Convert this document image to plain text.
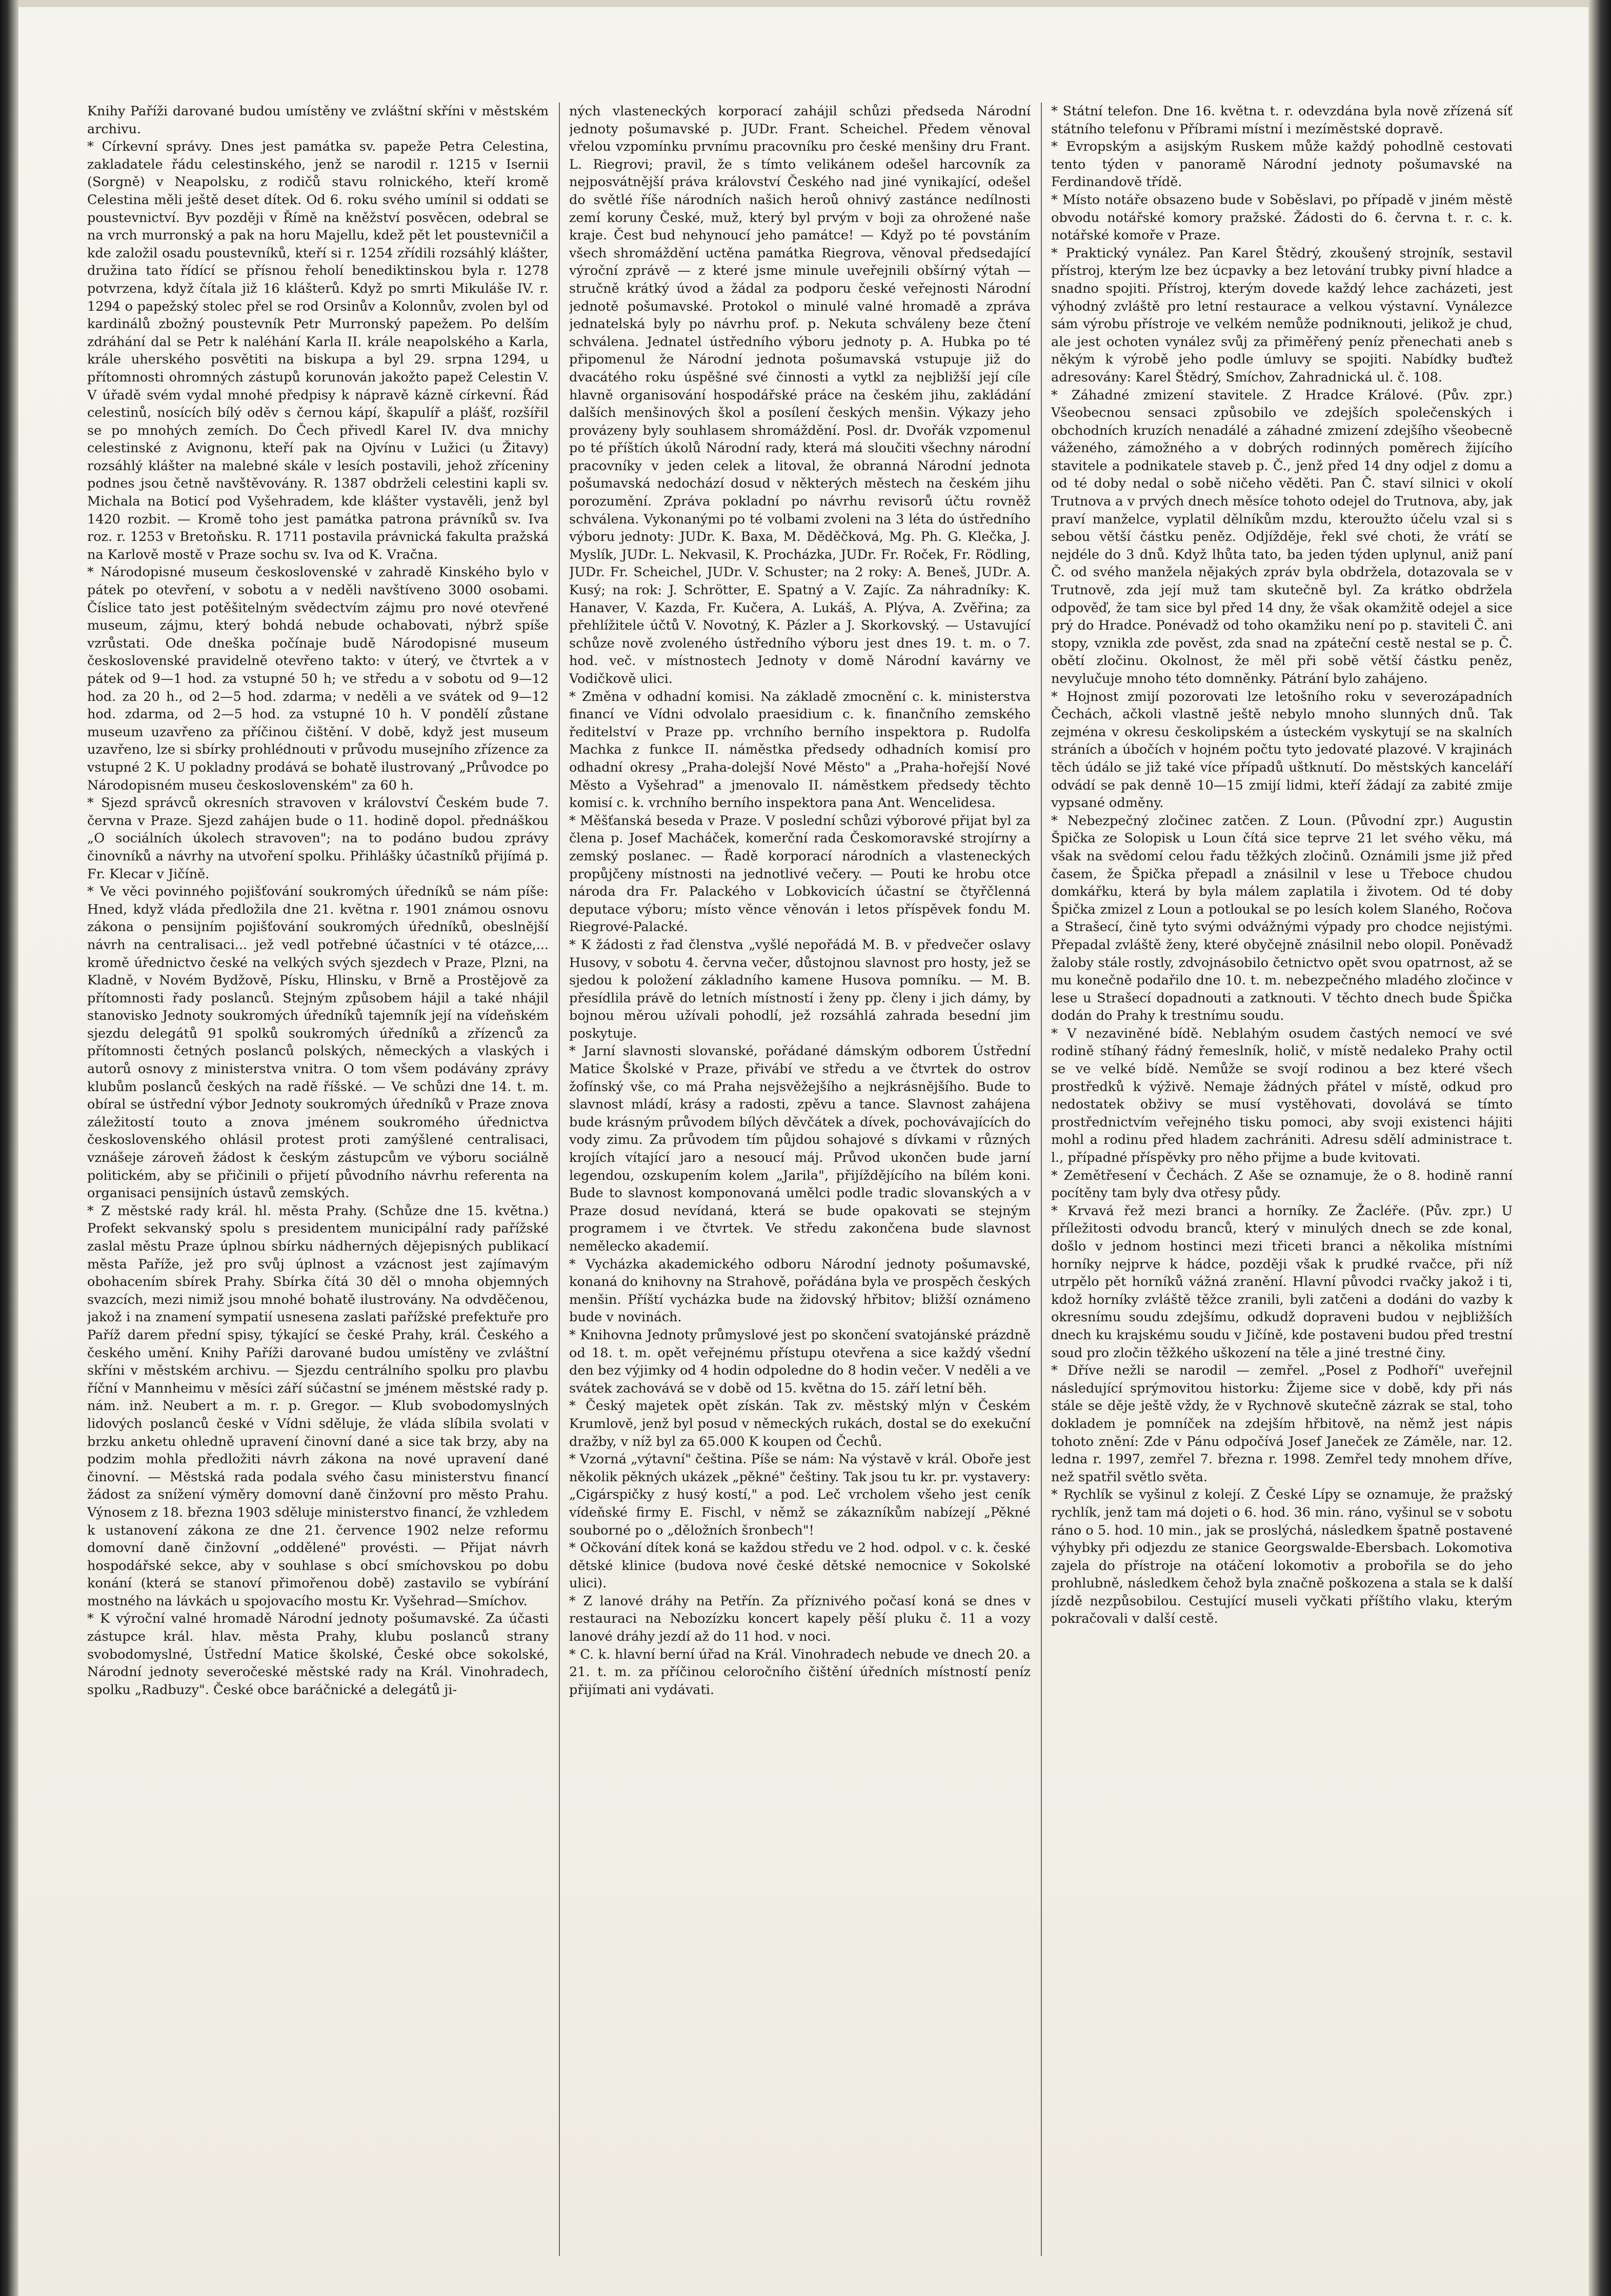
Knihy Paříži darované budou umístěny ve zvláštní skříni v městském archivu.

* Církevní správy. Dnes jest památka sv. papeže Petra Celestina, zakladatele řádu celestinského, jenž se narodil r. 1215 v Isernii (Sorgně) v Neapolsku, z rodičů stavu rolnického, kteří kromě Celestina měli ještě deset dítek. Od 6. roku svého umínil si oddati se poustevnictví. Byv později v Římě na kněžství posvěcen, odebral se na vrch murronský a pak na horu Majellu, kdež pět let poustevničil a kde založil osadu poustevníků, kteří si r. 1254 zřídili rozsáhlý klášter, družina tato řídící se přísnou řeholí benediktinskou byla r. 1278 potvrzena, když čítala již 16 klášterů. Když po smrti Mikuláše IV. r. 1294 o papežský stolec přel se rod Orsinův a Kolonnův, zvolen byl od kardinálů zbožný poustevník Petr Murronský papežem. Po delším zdráhání dal se Petr k naléhání Karla II. krále neapolského a Karla, krále uherského posvětiti na biskupa a byl 29. srpna 1294, u přítomnosti ohromných zástupů korunován jakožto papež Celestin V. V úřadě svém vydal mnohé předpisy k nápravě kázně církevní. Řád celestinů, nosících bílý oděv s černou kápí, škapulíř a plášť, rozšířil se po mnohých zemích. Do Čech přivedl Karel IV. dva mnichy celestinské z Avignonu, kteří pak na Ojvínu v Lužici (u Žitavy) rozsáhlý klášter na malebné skále v lesích postavili, jehož zříceniny podnes jsou četně navštěvovány. R. 1387 obdrželi celestini kapli sv. Michala na Boticí pod Vyšehradem, kde klášter vystavěli, jenž byl 1420 rozbit. — Kromě toho jest památka patrona právníků sv. Iva roz. r. 1253 v Bretoňsku. R. 1711 postavila právnická fakulta pražská na Karlově mostě v Praze sochu sv. Iva od K. Vračna.

* Národopisné museum československé v zahradě Kinského bylo v pátek po otevření, v sobotu a v neděli navštíveno 3000 osobami. Číslice tato jest potěšitelným svědectvím zájmu pro nové otevřené museum, zájmu, který bohdá nebude ochabovati, nýbrž spíše vzrůstati. Ode dneška počínaje budě Národopisné museum československé pravidelně otevřeno takto: v úterý, ve čtvrtek a v pátek od 9—1 hod. za vstupné 50 h; ve středu a v sobotu od 9—12 hod. za 20 h., od 2—5 hod. zdarma; v neděli a ve svátek od 9—12 hod. zdarma, od 2—5 hod. za vstupné 10 h. V pondělí zůstane museum uzavřeno za příčinou čištění. V době, když jest museum uzavřeno, lze si sbírky prohlédnouti v průvodu musejního zřízence za vstupné 2 K. U pokladny prodává se bohatě ilustrovaný „Průvodce po Národopisném museu československém" za 60 h.

* Sjezd správců okresních stravoven v království Českém bude 7. června v Praze. Sjezd zahájen bude o 11. hodině dopol. přednáškou „O sociálních úkolech stravoven"; na to podáno budou zprávy činovníků a návrhy na utvoření spolku. Přihlášky účastníků přijímá p. Fr. Klecar v Jičíně.

* Ve věci povinného pojišťování soukromých úředníků se nám píše: Hned, když vláda předložila dne 21. května r. 1901 známou osnovu zákona o pensijním pojišťování soukromých úředníků, obeslnější návrh na centralisaci... jež vedl potřebné účastníci v té otázce,... kromě úřednictvo české na velkých svých sjezdech v Praze, Plzni, na Kladně, v Novém Bydžově, Písku, Hlinsku, v Brně a Prostějově za přítomnosti řady poslanců. Stejným způsobem hájil a také nhájil stanovisko Jednoty soukromých úředníků tajemník její na vídeňském sjezdu delegátů 91 spolků soukromých úředníků a zřízenců za přítomnosti četných poslanců polských, německých a vlaských i autorů osnovy z ministerstva vnitra. O tom všem podávány zprávy klubům poslanců českých na radě říšské. — Ve schůzi dne 14. t. m. obíral se ústřední výbor Jednoty soukromých úředníků v Praze znova záležitostí touto a znova jménem soukromého úřednictva československého ohlásil protest proti zamýšlené centralisaci, vznášeje zároveň žádost k českým zástupcům ve výboru sociálně politickém, aby se přičinili o přijetí původního návrhu referenta na organisaci pensijních ústavů zemských.

* Z městské rady král. hl. města Prahy. (Schůze dne 15. května.) Profekt sekvanský spolu s presidentem municipální rady pařížské zaslal městu Praze úplnou sbírku nádherných dějepisných publikací města Paříže, jež pro svůj úplnost a vzácnost jest zajímavým obohacením sbírek Prahy. Sbírka čítá 30 děl o mnoha objemných svazcích, mezi nimiž jsou mnohé bohatě ilustrovány. Na odvděčenou, jakož i na znamení sympatií usnesena zaslati pařížské prefektuře pro Paříž darem přední spisy, týkající se české Prahy, král. Českého a českého umění. Knihy Paříži darované budou umístěny ve zvláštní skříni v městském archivu. — Sjezdu centrálního spolku pro plavbu říční v Mannheimu v měsíci září súčastní se jménem městské rady p. nám. inž. Neubert a m. r. p. Gregor. — Klub svobodomyslných lidových poslanců české v Vídni sděluje, že vláda slíbila svolati v brzku anketu ohledně upravení činovní dané a sice tak brzy, aby na podzim mohla předložiti návrh zákona na nové upravení dané činovní. — Městská rada podala svého času ministerstvu financí žádost za snížení výměry domovní daně činžovní pro město Prahu. Výnosem z 18. března 1903 sděluje ministerstvo financí, že vzhledem k ustanovení zákona ze dne 21. července 1902 nelze reformu domovní daně činžovní „oddělené" provésti. — Přijat návrh hospodářské sekce, aby v souhlase s obcí smíchovskou po dobu konání (která se stanoví přimořenou době) zastavilo se vybírání mostného na lávkách u spojovacího mostu Kr. Vyšehrad—Smíchov.

* K výroční valné hromadě Národní jednoty pošumavské. Za účasti zástupce král. hlav. města Prahy, klubu poslanců strany svobodomyslné, Ústřední Matice školské, České obce sokolské, Národní jednoty severočeské městské rady na Král. Vinohradech, spolku „Radbuzy". České obce baráčnické a delegátů ji-

ných vlasteneckých korporací zahájil schůzi předseda Národní jednoty pošumavské p. JUDr. Frant. Scheichel. Předem věnoval vřelou vzpomínku prvnímu pracovníku pro české menšiny dru Frant. L. Riegrovi; pravil, že s tímto velikánem odešel harcovník za nejposvátnější práva království Českého nad jiné vynikající, odešel do světlé říše národních našich heroů ohnivý zastánce nedílnosti zemí koruny České, muž, který byl prvým v boji za ohrožené naše kraje. Čest bud nehynoucí jeho památce! — Když po té povstáním všech shromáždění uctěna památka Riegrova, věnoval předsedající výroční zprávě — z které jsme minule uveřejnili obšírný výtah — stručně krátký úvod a žádal za podporu české veřejnosti Národní jednotě pošumavské. Protokol o minulé valné hromadě a zpráva jednatelská byly po návrhu prof. p. Nekuta schváleny beze čtení schválena. Jednatel ústředního výboru jednoty p. A. Hubka po té připomenul že Národní jednota pošumavská vstupuje již do dvacátého roku úspěšné své činnosti a vytkl za nejbližší její cíle hlavně organisování hospodářské práce na českém jihu, zakládání dalších menšinových škol a posílení českých menšin. Výkazy jeho provázeny byly souhlasem shromáždění. Posl. dr. Dvořák vzpomenul po té příštích úkolů Národní rady, která má sloučiti všechny národní pracovníky v jeden celek a litoval, že obranná Národní jednota pošumavská nedochází dosud v některých městech na českém jihu porozumění. Zpráva pokladní po návrhu revisorů účtu rovněž schválena. Vykonanými po té volbami zvoleni na 3 léta do ústředního výboru jednoty: JUDr. K. Baxa, M. Děděčková, Mg. Ph. G. Klečka, J. Myslík, JUDr. L. Nekvasil, K. Procházka, JUDr. Fr. Roček, Fr. Rödling, JUDr. Fr. Scheichel, JUDr. V. Schuster; na 2 roky: A. Beneš, JUDr. A. Kusý; na rok: J. Schrötter, E. Spatný a V. Zajíc. Za náhradníky: K. Hanaver, V. Kazda, Fr. Kučera, A. Lukáš, A. Plýva, A. Zvěřina; za přehlížitele účtů V. Novotný, K. Pázler a J. Skorkovský. — Ustavující schůze nově zvoleného ústředního výboru jest dnes 19. t. m. o 7. hod. več. v místnostech Jednoty v domě Národní kavárny ve Vodičkově ulici.

* Změna v odhadní komisi. Na základě zmocnění c. k. ministerstva financí ve Vídni odvolalo praesidium c. k. finančního zemského ředitelství v Praze pp. vrchního berního inspektora p. Rudolfa Machka z funkce II. náměstka předsedy odhadních komisí pro odhadní okresy „Praha-dolejší Nové Město" a „Praha-hořejší Nové Město a Vyšehrad" a jmenovalo II. náměstkem předsedy těchto komisí c. k. vrchního berního inspektora pana Ant. Wencelidesa.

* Měšťanská beseda v Praze. V poslední schůzi výborové přijat byl za člena p. Josef Macháček, komerční rada Českomoravské strojírny a zemský poslanec. — Řadě korporací národních a vlasteneckých propůjčeny místnosti na jednotlivé večery. — Pouti ke hrobu otce národa dra Fr. Palackého v Lobkovicích účastní se čtyřčlenná deputace výboru; místo věnce věnován i letos příspěvek fondu M. Riegrové-Palacké.

* K žádosti z řad členstva „vyšlé nepořádá M. B. v předvečer oslavy Husovy, v sobotu 4. června večer, důstojnou slavnost pro hosty, jež se sjedou k položení základního kamene Husova pomníku. — M. B. přesídlila právě do letních místností i ženy pp. členy i jich dámy, by bojnou měrou užívali pohodlí, jež rozsáhlá zahrada besední jim poskytuje.

* Jarní slavnosti slovanské, pořádané dámským odborem Ústřední Matice Školské v Praze, přivábí ve středu a ve čtvrtek do ostrov žofínský vše, co má Praha nejsvěžejšího a nejkrásnějšího. Bude to slavnost mládí, krásy a radosti, zpěvu a tance. Slavnost zahájena bude krásným průvodem bílých děvčátek a dívek, pochovávajících do vody zimu. Za průvodem tím půjdou sohajové s dívkami v různých krojích vítající jaro a nesoucí máj. Průvod ukončen bude jarní legendou, ozskupením kolem „Jarila", přijíždějícího na bílém koni. Bude to slavnost komponovaná umělci podle tradic slovanských a v Praze dosud nevídaná, která se bude opakovati se stejným programem i ve čtvrtek. Ve středu zakončena bude slavnost nemělecko akademií.

* Vycházka akademického odboru Národní jednoty pošumavské, konaná do knihovny na Strahově, pořádána byla ve prospěch českých menšin. Příští vycházka bude na židovský hřbitov; bližší oznámeno bude v novinách.

* Knihovna Jednoty průmyslové jest po skončení svatojánské prázdně od 18. t. m. opět veřejnému přístupu otevřena a sice každý všední den bez výjimky od 4 hodin odpoledne do 8 hodin večer. V neděli a ve svátek zachovává se v době od 15. května do 15. září letní běh.

* Český majetek opět získán. Tak zv. městský mlýn v Českém Krumlově, jenž byl posud v německých rukách, dostal se do exekuční dražby, v níž byl za 65.000 K koupen od Čechů.

* Vzorná „výtavní" čeština. Píše se nám: Na výstavě v král. Oboře jest několik pěkných ukázek „pěkné" češtiny. Tak jsou tu kr. pr. vystavery: „Cigárspičky z husý kostí," a pod. Leč vrcholem všeho jest ceník vídeňské firmy E. Fischl, v němž se zákazníkům nabízejí „Pěkné souborné po o „děložních šronbech"!

* Očkování dítek koná se každou středu ve 2 hod. odpol. v c. k. české dětské klinice (budova nové české dětské nemocnice v Sokolské ulici).

* Z lanové dráhy na Petřín. Za příznivého počasí koná se dnes v restauraci na Nebozízku koncert kapely pěší pluku č. 11 a vozy lanové dráhy jezdí až do 11 hod. v noci.

* C. k. hlavní berní úřad na Král. Vinohradech nebude ve dnech 20. a 21. t. m. za příčinou celoročního čištění úředních místností peníz přijímati ani vydávati.

* Státní telefon. Dne 16. května t. r. odevzdána byla nově zřízená síť státního telefonu v Příbrami místní i mezíměstské dopravě.

* Evropským a asijským Ruskem může každý pohodlně cestovati tento týden v panoramě Národní jednoty pošumavské na Ferdinandově třídě.

* Místo notáře obsazeno bude v Soběslavi, po případě v jiném městě obvodu notářské komory pražské. Žádosti do 6. června t. r. c. k. notářské komoře v Praze.

* Praktický vynález. Pan Karel Štědrý, zkoušený strojník, sestavil přístroj, kterým lze bez úcpavky a bez letování trubky pivní hladce a snadno spojiti. Přístroj, kterým dovede každý lehce zacházeti, jest výhodný zvláště pro letní restaurace a velkou výstavní. Vynálezce sám výrobu přístroje ve velkém nemůže podniknouti, jelikož je chud, ale jest ochoten vynález svůj za přiměřený peníz přenechati aneb s někým k výrobě jeho podle úmluvy se spojiti. Nabídky buďtež adresovány: Karel Štědrý, Smíchov, Zahradnická ul. č. 108.

* Záhadné zmizení stavitele. Z Hradce Králové. (Pův. zpr.) Všeobecnou sensaci způsobilo ve zdejších společenských i obchodních kruzích nenadálé a záhadné zmizení zdejšího všeobecně váženého, zámožného a v dobrých rodinných poměrech žijícího stavitele a podnikatele staveb p. Č., jenž před 14 dny odjel z domu a od té doby nedal o sobě ničeho věděti. Pan Č. staví silnici v okolí Trutnova a v prvých dnech měsíce tohoto odejel do Trutnova, aby, jak praví manželce, vyplatil dělníkům mzdu, kteroužto účelu vzal si s sebou větší částku peněz. Odjížděje, řekl své choti, že vrátí se nejdéle do 3 dnů. Když lhůta tato, ba jeden týden uplynul, aniž paní Č. od svého manžela nějakých zpráv byla obdržela, dotazovala se v Trutnově, zda její muž tam skutečně byl. Za krátko obdržela odpověď, že tam sice byl před 14 dny, že však okamžitě odejel a sice prý do Hradce. Ponévadž od toho okamžiku není po p. staviteli Č. ani stopy, vznikla zde pověst, zda snad na zpáteční cestě nestal se p. Č. obětí zločinu. Okolnost, že měl při sobě větší částku peněz, nevylučuje mnoho této domněnky. Pátrání bylo zahájeno.

* Hojnost zmijí pozorovati lze letošního roku v severozápadních Čechách, ačkoli vlastně ještě nebylo mnoho slunných dnů. Tak zejména v okresu českolipském a ústeckém vyskytují se na skalních stráních a úbočích v hojném počtu tyto jedovaté plazové. V krajinách těch údálo se již také více případů uštknutí. Do městských kanceláří odvádí se pak denně 10—15 zmijí lidmi, kteří žádají za zabité zmije vypsané odměny.

* Nebezpečný zločinec zatčen. Z Loun. (Původní zpr.) Augustin Špička ze Solopisk u Loun čítá sice teprve 21 let svého věku, má však na svědomí celou řadu těžkých zločinů. Oznámili jsme již před časem, že Špička přepadl a znásilnil v lese u Třeboce chudou domkářku, která by byla málem zaplatila i životem. Od té doby Špička zmizel z Loun a potloukal se po lesích kolem Slaného, Ročova a Strašecí, čině tyto svými odvážnými výpady pro chodce nejistými. Přepadal zvláště ženy, které obyčejně znásilnil nebo olopil. Poněvadž žaloby stále rostly, zdvojnásobilo četnictvo opět svou opatrnost, až se mu konečně podařilo dne 10. t. m. nebezpečného mladého zločince v lese u Strašecí dopadnouti a zatknouti. V těchto dnech bude Špička dodán do Prahy k trestnímu soudu.

* V nezaviněné bídě. Neblahým osudem častých nemocí ve své rodině stíhaný řádný řemeslník, holič, v místě nedaleko Prahy octil se ve velké bídě. Nemůže se svojí rodinou a bez které všech prostředků k výživě. Nemaje žádných přátel v místě, odkud pro nedostatek obživy se musí vystěhovati, dovolává se tímto prostřednictvím veřejného tisku pomoci, aby svoji existenci hájiti mohl a rodinu před hladem zachrániti. Adresu sdělí administrace t. l., případné příspěvky pro něho přijme a bude kvitovati.

* Zemětřesení v Čechách. Z Aše se oznamuje, že o 8. hodině ranní pocítěny tam byly dva otřesy půdy.

* Krvavá řež mezi branci a horníky. Ze Žacléře. (Pův. zpr.) U příležitosti odvodu branců, který v minulých dnech se zde konal, došlo v jednom hostinci mezi třiceti branci a několika místními horníky nejprve k hádce, později však k prudké rvačce, při níž utrpělo pět horníků vážná zranění. Hlavní původci rvačky jakož i ti, kdož horníky zvláště těžce zranili, byli zatčeni a dodáni do vazby k okresnímu soudu zdejšímu, odkudž dopraveni budou v nejbližších dnech ku krajskému soudu v Jičíně, kde postaveni budou před trestní soud pro zločin těžkého uškození na těle a jiné trestné činy.

* Dříve nežli se narodil — zemřel. „Posel z Podhoří" uveřejnil následující sprýmovitou historku: Žijeme sice v době, kdy při nás stále se děje ještě vždy, že v Rychnově skutečně zázrak se stal, toho dokladem je pomníček na zdejším hřbitově, na němž jest nápis tohoto znění: Zde v Pánu odpočívá Josef Janeček ze Záměle, nar. 12. ledna r. 1997, zemřel 7. března r. 1998. Zemřel tedy mnohem dříve, než spatřil světlo světa.

* Rychlík se vyšinul z kolejí. Z České Lípy se oznamuje, že pražský rychlík, jenž tam má dojeti o 6. hod. 36 min. ráno, vyšinul se v sobotu ráno o 5. hod. 10 min., jak se proslýchá, následkem špatně postavené výhybky při odjezdu ze stanice Georgswalde-Ebersbach. Lokomotiva zajela do přístroje na otáčení lokomotiv a probořila se do jeho prohlubně, následkem čehož byla značně poškozena a stala se k další jízdě nezpůsobilou. Cestující museli vyčkati příštího vlaku, kterým pokračovali v další cestě.
